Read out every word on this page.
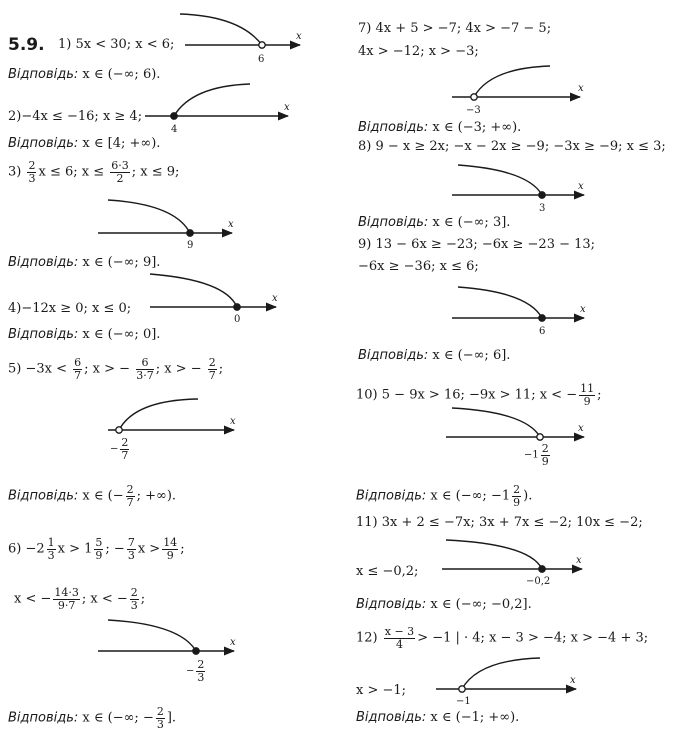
5.9. 1) 5x < 30; x < 6;
6
x
Відповідь: x ∈ (−∞; 6).
2)−4x ≤ −16; x ≥ 4;
4
x
Відповідь: x ∈ [4; +∞).
$3) \frac{2}{3}$ x ≤ 6; $x \le \frac{6\cdot 3}{2}$ ; x ≤ 9;
9
x
Відповідь: x ∈ (−∞; 9].
4)−12x ≥ 0; x ≤ 0;
0
x
Відповідь: x ∈ (−∞; 0].
$5) -3x < \frac{6}{7}$ ; x > − $\frac{6}{3\cdot 7}$ ; x > − $\frac{2}{7}$ ;
− $\frac{2}{7}$
x
Відповідь: x ∈ (− $\frac{2}{7}$ ; +∞).
$6) -2 \frac{1}{3}$ $x > 1 \frac{5}{9}$ ; − $\frac{7}{3}$ $x > \frac{14}{9}$ ;
x < − $\frac{14\cdot 3}{9\cdot 7}$ ; x < − $\frac{2}{3}$ ;
− $\frac{2}{3}$
x
Відповідь: x ∈ (−∞; − $\frac{2}{3}$ ].
7) 4x + 5 > −7; 4x > −7 − 5;
4x > −12; x > −3;
−3
x
Відповідь: x ∈ (−3; +∞).
8) 9 − x ≥ 2x; −x − 2x ≥ −9; −3x ≥ −9; x ≤ 3;
3
x
Відповідь: x ∈ (−∞; 3].
9) 13 − 6x ≥ −23; −6x ≥ −23 − 13;
−6x ≥ −36; x ≤ 6;
6
x
Відповідь: x ∈ (−∞; 6].
10) 5 − 9x > 16; −9x > 11; x < − $\frac{11}{9}$ ;
$-1 \frac{2}{9}$
x
Відповідь: x ∈ (−∞; $-1 \frac{2}{9}$ ).
11) 3x + 2 ≤ −7x; 3x + 7x ≤ −2; 10x ≤ −2;
x ≤ −0,2;
−0,2
x
Відповідь: x ∈ (−∞; −0,2].
$12) \frac{x - 3}{4} > -1$ | · 4; x − 3 > −4; x > −4 + 3;
x > −1;
−1
x
Відповідь: x ∈ (−1; +∞).
